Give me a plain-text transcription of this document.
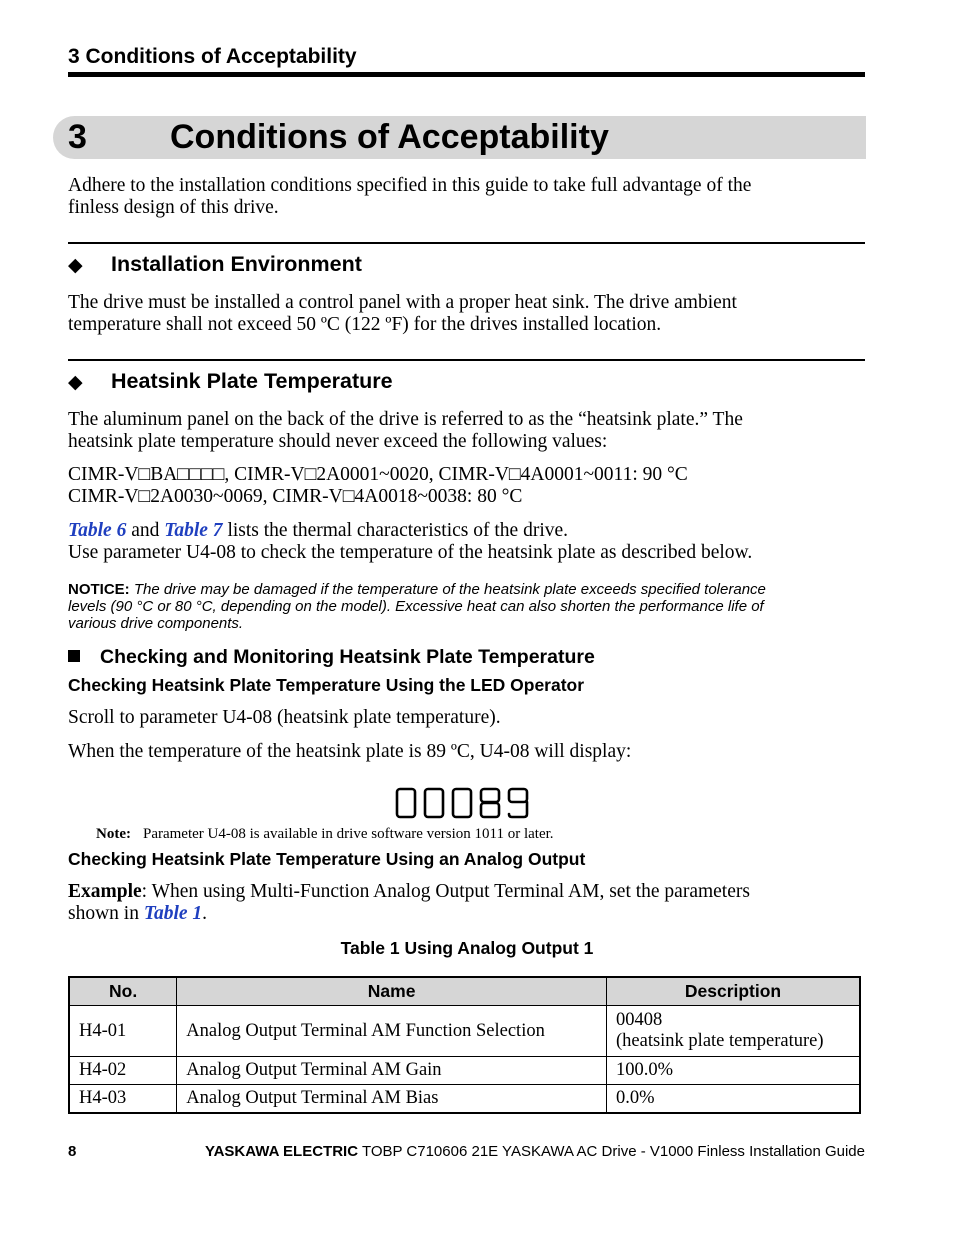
3 Conditions of Acceptability
3 Conditions of Acceptability
Adhere to the installation conditions specified in this guide to take full advantage of the
finless design of this drive.
◆ Installation Environment
The drive must be installed a control panel with a proper heat sink. The drive ambient
temperature shall not exceed 50 ºC (122 ºF) for the drives installed location.
◆ Heatsink Plate Temperature
The aluminum panel on the back of the drive is referred to as the “heatsink plate.” The
heatsink plate temperature should never exceed the following values:
CIMR-V□BA□□□□, CIMR-V□2A0001~0020, CIMR-V□4A0001~0011: 90 °C
CIMR-V□2A0030~0069, CIMR-V□4A0018~0038: 80 °C
Table 6 and Table 7 lists the thermal characteristics of the drive.
Use parameter U4-08 to check the temperature of the heatsink plate as described below.
NOTICE: The drive may be damaged if the temperature of the heatsink plate exceeds specified tolerance
levels (90 °C or 80 °C, depending on the model). Excessive heat can also shorten the performance life of
various drive components.
Checking and Monitoring Heatsink Plate Temperature
Checking Heatsink Plate Temperature Using the LED Operator
Scroll to parameter U4-08 (heatsink plate temperature).
When the temperature of the heatsink plate is 89 ºC, U4-08 will display:
Note: Parameter U4-08 is available in drive software version 1011 or later.
Checking Heatsink Plate Temperature Using an Analog Output
Example: When using Multi-Function Analog Output Terminal AM, set the parameters
shown in Table 1.
Table 1 Using Analog Output 1
No.	Name	Description
H4-01	Analog Output Terminal AM Function Selection	00408
(heatsink plate temperature)

H4-02	Analog Output Terminal AM Gain	100.0%
H4-03	Analog Output Terminal AM Bias	0.0%
8	YASKAWA ELECTRIC TOBP C710606 21E YASKAWA AC Drive - V1000 Finless Installation Guide
